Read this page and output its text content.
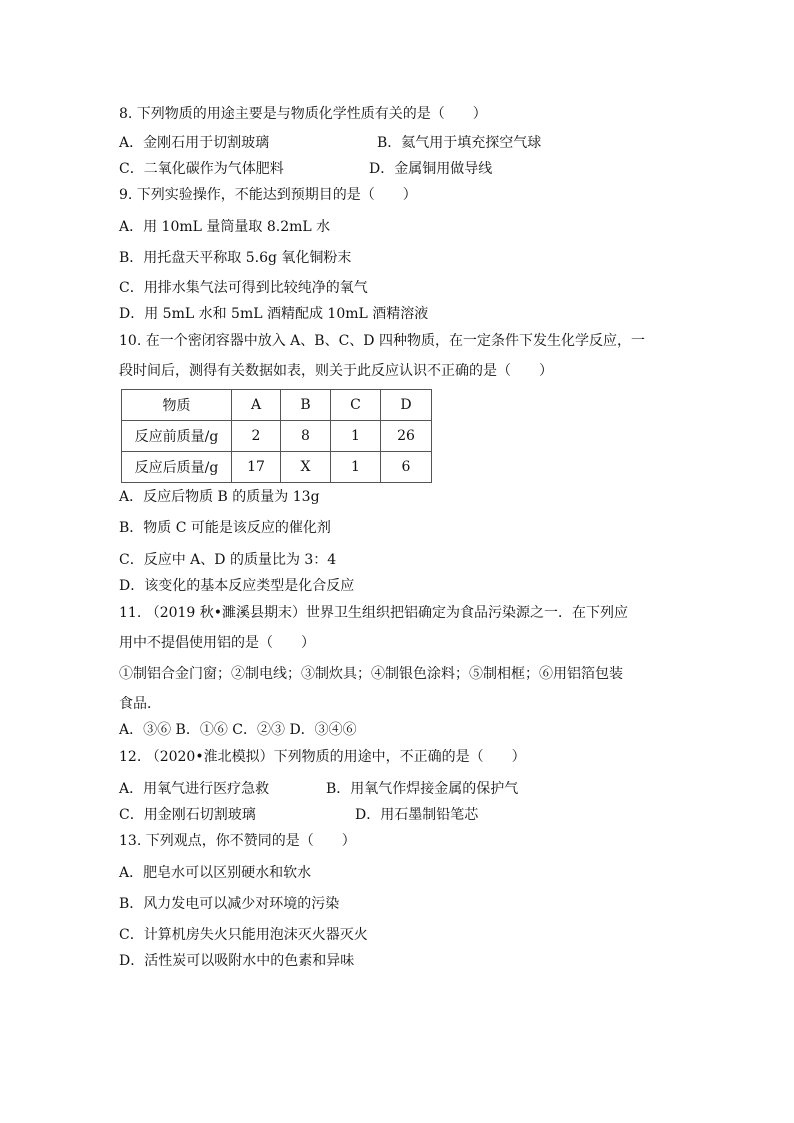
8. 下列物质的用途主要是与物质化学性质有关的是（　　）
A．金刚石用于切割玻璃	B．氦气用于填充探空气球
C．二氧化碳作为气体肥料	D．金属铜用做导线
9. 下列实验操作，不能达到预期目的是（　　）
A．用 10mL 量筒量取 8.2mL 水
B．用托盘天平称取 5.6g 氧化铜粉末
C．用排水集气法可得到比较纯净的氧气
D．用 5mL 水和 5mL 酒精配成 10mL 酒精溶液
10. 在一个密闭容器中放入 A、B、C、D 四种物质，在一定条件下发生化学反应，一
段时间后，测得有关数据如表，则关于此反应认识不正确的是（　　）
物质	A	B	C	D
反应前质量/g	2	8	1	26
反应后质量/g	17	X	1	6
A．反应后物质 B 的质量为 13g
B．物质 C 可能是该反应的催化剂
C．反应中 A、D 的质量比为 3：4
D．该变化的基本反应类型是化合反应
11. （2019 秋•濉溪县期末）世界卫生组织把铝确定为食品污染源之一．在下列应
用中不提倡使用铝的是（　　）
①制铝合金门窗；②制电线；③制炊具；④制银色涂料；⑤制相框；⑥用铝箔包装
食品．
A．③⑥ B．①⑥ C．②③ D．③④⑥
12. （2020•淮北模拟）下列物质的用途中，不正确的是（　　）
A．用氧气进行医疗急救	B．用氧气作焊接金属的保护气
C．用金刚石切割玻璃	D．用石墨制铅笔芯
13. 下列观点，你不赞同的是（　　）
A．肥皂水可以区别硬水和软水
B．风力发电可以减少对环境的污染
C．计算机房失火只能用泡沫灭火器灭火
D．活性炭可以吸附水中的色素和异味
